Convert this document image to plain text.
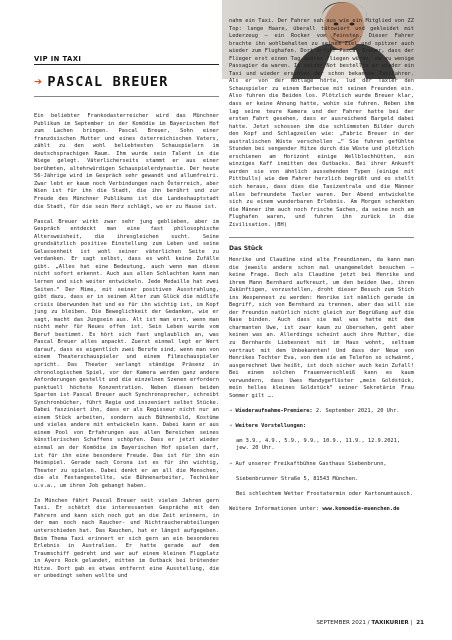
Jochen Hulin
VIP IN TAXI
➔ PASCAL BREUER

Ein beliebter Frankodasterreicher wird das Münchner Publikum im September in der Komödie im Bayerischen Hof zum Lachen bringen. Pascal Breuer, Sohn einer französischen Mutter und eines österreichischen Vaters, zählt zu den wohl beliebtesten Schauspielern im deutschsprachigen Raum. Ihm wurde sein Talent in die Wiege gelegt. Väterlicherseits stammt er aus einer berühmten, altehrwürdigen Schauspielerdynastie. Der heute 56-Jährige wird im Gespräch sehr gewandt und allumfreiri. Zwar lebt er kaum noch Verbindungen nach Österreich, aber Wien ist für ihn die Stadt, die ihn berührt und zur Freude des Münchner Publikums ist die Landeshauptstadt die Stadt, für die sein Herz schlägt, wo er zu Hause ist.

Pascal Breuer wirkt zwar sehr jung geblieben, aber im Gespräch entdeckt man eine fast philosophische Altersweisheit, die ihresgleichen sucht. Seine grundsätzlich positive Einstellung zum Leben und seine Gelassenheit ist wohl seiner väterlichen Seite zu verdanken. Er sagt selbst, dass es wohl keine Zufälle gibt. „Alles hat eine Bedeutung, auch wenn man diese nicht sofort erkennt. Auch aus allen Schlachten kann man lernen und sich weiter entwickeln. Jede Medaille hat zwei Seiten.“ Der Mime, mit seiner positiven Ausstrahlung, gibt dazu, dass er in seinem Alter zum Glück die midlife crisis überwunden hat und es für ihn wichtig ist, im Kopf jung zu bleiben. Die Beweglichkeit der Gedanken, wie er sagt, macht das Jungsein aus. Alt ist man erst, wenn man nicht mehr für Neues offen ist. Sein Leben wurde vom Beruf bestimmt. Es hört sich fast unglaublich an, was Pascal Breuer alles anpackt. Zuerst einmal legt er Wert darauf, dass es eigentlich zwei Berufe sind, wenn man von einem Theaterschauspieler und einem Filmschauspieler spricht. Das Theater verlangt ständige Präsenz in chronologischem Spiel, vor der Kamera werden ganz andere Anforderungen gestellt und die einzelnen Szenen erfordern punktuell höchste Konzentration. Neben diesen beiden Sparten ist Pascal Breuer auch Synchronsprecher, schreibt Synchronbücher, führt Regie und inszeniert selbst Stücke. Dabei fasziniert ihn, dass er als Regisseur nicht nur an einem Stück arbeiten, sondern auch Bühnenbild, Kostüme und vieles andere mit entwickeln kann. Dabei kann er aus einem Pool von Erfahrungen aus allen Bereichen seines künstlerischen Schaffens schöpfen. Dass er jetzt wieder einmal an der Komödie im Bayerischen Hof spielen darf, ist für ihn eine besondere Freude. Das ist für ihn ein Heimspiel. Gerade nach Corona ist es für ihn wichtig, Theater zu spielen. Dabei denkt er an all die Menschen, die als Festangestellte, wie Bühnenarbeiter, Techniker u.v.a., um ihren Job gebangt haben.

In München fährt Pascal Breuer seit vielen Jahren gern Taxi. Er schätzt die interessanten Gespräche mit den Fahrern und kann sich noch gut an die Zeit erinnern, in der man noch nach Raucher- und Nichtraucherabteilungen unterschieden hat. Das Rauchen, hat er längst aufgegeben. Beim Thema Taxi erinnert er sich gern an ein besonderes Erlebnis in Australien. Er hatte gerade auf dem Traumschiff gedreht und war auf einem kleinen Flugplatz in Ayers Rock gelandet, mitten im Outback bei brütender Hitze. Dort gab es etwas entfernt eine Ausstellung, die er unbedingt sehen wollte und

nahm ein Taxi. Der Fahrer sah aus wie ein Mitglied von ZZ Top: lange Haare, überall tätowiert und gekleidet mit Lederzeug – ein Rocker vom Feinsten. Dieser Fahrer brachte ihn wohlbehalten zu seinem Ziel und spitzer auch wieder zum Flughafen. Dort erfuhr Pascal Breuer, dass der Flieger erst einen Tag später fliegen würde, da zu wenige Passagier da waren. In seiner Not bestellte er wieder ein Taxi und wieder erschien der schon bekannte Taxifahrer. Als er von der Notlage hörte, lud der Taxler den Schauspieler zu einem Barbecue mit seinen Freunden ein. Also fuhren die Beiden los. Plötzlich wurde Breuer klar, dass er keine Ahnung hatte, wohin sie fuhren. Neben ihm lag seine teure Kamera und der Fahrer hatte bei der ersten Fahrt gesehen, dass er ausreichend Bargeld dabei hatte. Jetzt schossen ihm die schlimmsten Bilder durch den Kopf und Schlagzeilen wie: „Fabric Breuer in der australischen Wüste verschollen …“ Sie fuhren gefühlte Stunden bei sengender Hitze durch die Wüste und plötzlich erschienen am Horizont einige Wellblechhütten, ein winziges Kaff inmitten des Outbacks. Bei ihrer Ankunft wurden sie von ähnlich aussehenden Typen (einige mit Pittbulls) wie dem Fahrer herzlich begrüßt und es stellt sich heraus, dass dies die Taxizentrale und die Männer alles befreundete Taxler waren. Der Abend entwickelte sich zu einem wunderbaren Erlebnis. Am Morgen schenkten die Männer ihm auch noch frische Sachen, da seine noch am Flughafen waren, und fuhren ihn zurück in die Zivilisation. (BH)

Das Stück

Henrike und Claudine sind alte Freundinnen, da kann man die jeweils andere schon mal unangemeldet besuchen – keine Frage. Doch als Claudine jetzt bei Henrike und ihrem Mann Bernhard aufkreuzt, um den beiden Uwe, ihren Zukünftigen, vorzustellen, droht dieser Besuch zum Stich ins Wespennest zu werden: Henrike ist nämlich gerade im Begriff, sich von Bernhard zu trennen, aber das will sie der Freundin natürlich nicht gleich zur Begrüßung auf die Nase binden. Auch dass sie mal was hatte mit dem charmanten Uwe, ist zwar kaum zu übersehen, geht aber keinen was an. Allerdings scheint auch ihre Mutter, die zu Bernhards Liebesnest mit im Haus wohnt, seltsam vertraut mit dem Unbekannten! Und dass der Neue von Henrikes Tochter Eva, von dem sie am Telefon so schwärmt, ausgerechnet Uwe heißt, ist doch sicher auch kein Zufall! Bei einem solchen Frauenverschleiß kann es kaum verwundern, dass Uwes Handygeflüster „mein Goldstück, mein helles kleines Goldstück“ seiner Sekretärin Frau Sommer gilt ….

➔ Wiederaufnahme-Premiere: 2. September 2021, 20 Uhr.

➔ Weitere Vorstellungen:

am 3.9., 4.9., 5.9., 9.9., 10.9., 11.9., 12.9.2021, jew. 20 Uhr.

➔ Auf unserer Freikaftbühne Gasthaus Siebenbrunn,

Siebenbrunner Straße 5, 81543 München.

Bei schlechtem Wetter Frostatermin oder Kartonumtausch.

Weitere Informationen unter: www.komoedie-muenchen.de

SEPTEMBER 2021 / TAXIKURIER | 21
